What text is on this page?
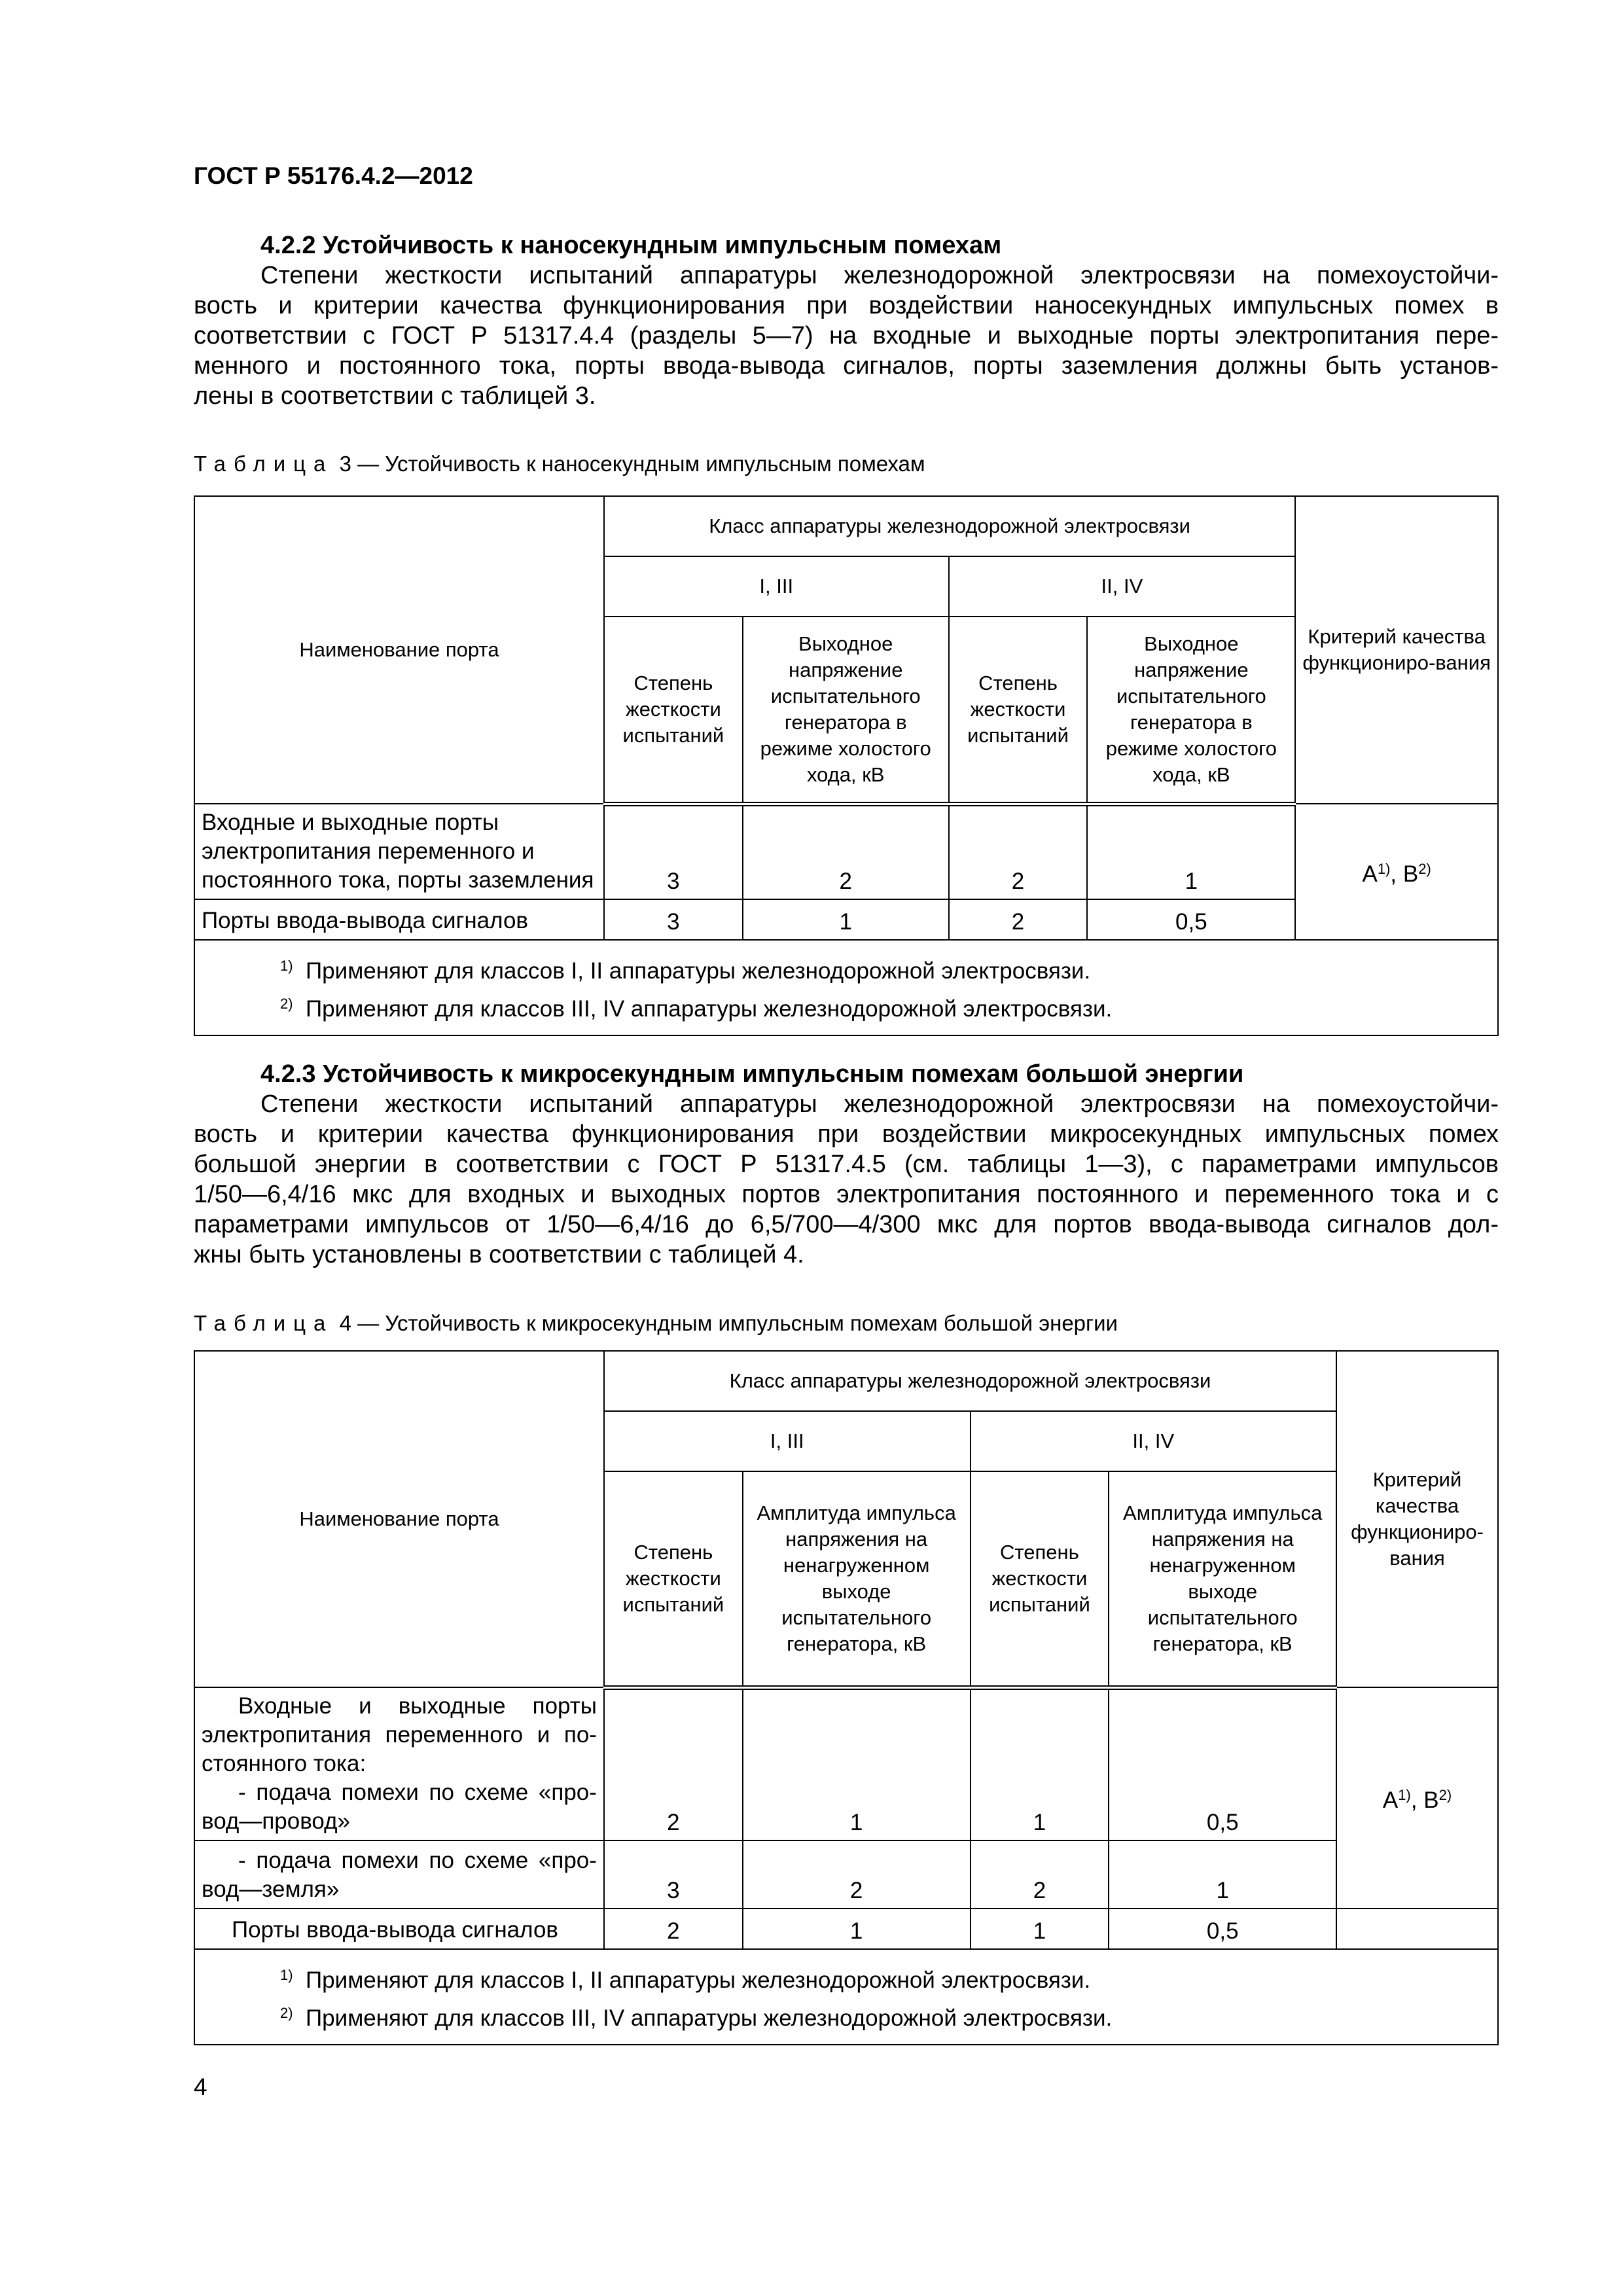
ГОСТ Р 55176.4.2—2012
4.2.2 Устойчивость к наносекундным импульсным помехам
Степени жесткости испытаний аппаратуры железнодорожной электросвязи на помехоустойчи-
вость и критерии качества функционирования при воздействии наносекундных импульсных помех в
соответствии с ГОСТ Р 51317.4.4 (разделы 5—7) на входные и выходные порты электропитания пере-
менного и постоянного тока, порты ввода-вывода сигналов, порты заземления должны быть установ-
лены в соответствии с таблицей 3.
Таблица 3 — Устойчивость к наносекундным импульсным помехам
Наименование порта	Класс аппаратуры железнодорожной электросвязи				Критерий качества функциониро-вания
	I, III		II, IV		
	Степень жесткости испытаний	Выходное напряжение испытательного генератора в режиме холостого хода, кВ	Степень жесткости испытаний	Выходное напряжение испытательного генератора в режиме холостого хода, кВ	
Входные и выходные порты электропитания переменного и постоянного тока, порты заземления	3	2	2	1	$А^{1)}$, $В^{2)}$
Порты ввода-вывода сигналов	3	1	2	0,5	

$^{1)}$ Применяют для классов I, II аппаратуры железнодорожной электросвязи.
$^{2)}$ Применяют для классов III, IV аппаратуры железнодорожной электросвязи.					
4.2.3 Устойчивость к микросекундным импульсным помехам большой энергии
Степени жесткости испытаний аппаратуры железнодорожной электросвязи на помехоустойчи-
вость и критерии качества функционирования при воздействии микросекундных импульсных помех
большой энергии в соответствии с ГОСТ Р 51317.4.5 (см. таблицы 1—3), с параметрами импульсов
1/50—6,4/16 мкс для входных и выходных портов электропитания постоянного и переменного тока и с
параметрами импульсов от 1/50—6,4/16 до 6,5/700—4/300 мкс для портов ввода-вывода сигналов дол-
жны быть установлены в соответствии с таблицей 4.
Таблица 4 — Устойчивость к микросекундным импульсным помехам большой энергии
Наименование порта	Класс аппаратуры железнодорожной электросвязи				Критерий качества функциониро-вания
	I, III		II, IV		
	Степень жесткости испытаний	Амплитуда импульса напряжения на ненагруженном выходе испытательного генератора, кВ	Степень жесткости испытаний	Амплитуда импульса напряжения на ненагруженном выходе испытательного генератора, кВ	

Входные и выходные порты
электропитания переменного и по-
стоянного тока:
- подача помехи по схеме «про-
вод—провод»	2	1	1	0,5	$А^{1)}$, $В^{2)}$

- подача помехи по схеме «про-
вод—земля»	3	2	2	1	
Порты ввода-вывода сигналов	2	1	1	0,5	

$^{1)}$ Применяют для классов I, II аппаратуры железнодорожной электросвязи.
$^{2)}$ Применяют для классов III, IV аппаратуры железнодорожной электросвязи.					
4
